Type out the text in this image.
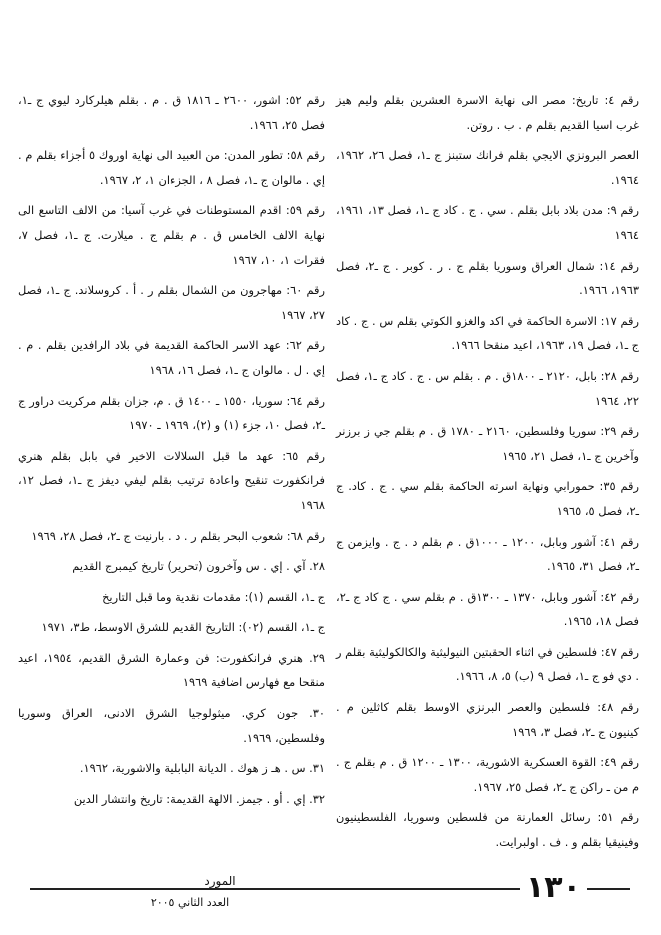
رقم ٤: تاريخ: مصر الى نهاية الاسرة العشرين بقلم وليم هيز غرب اسيا القديم بقلم م . ب . روتن.

العصر البرونزي الايجي بقلم فرانك ستبنز ج ـ١، فصل ٢٦، ١٩٦٢، ١٩٦٤.

رقم ٩: مدن بلاد بابل بقلم . سي . ج . كاد ج ـ١، فصل ١٣، ١٩٦١، ١٩٦٤

رقم ١٤: شمال العراق وسوريا بقلم ج . ر . كوبر . ج ـ٢، فصل ١٩٦٣، ١٩٦٦.

رقم ١٧: الاسرة الحاكمة في اكد والغزو الكوتي بقلم س . ج . كاد ج ـ١، فصل ١٩، ١٩٦٣، اعيد منقحا ١٩٦٦.

رقم ٢٨: بابل، ٢١٢٠ ـ ١٨٠٠ق . م . بقلم س . ج . كاد ج ـ١، فصل ٢٢، ١٩٦٤

رقم ٢٩: سوريا وفلسطين، ٢١٦٠ ـ ١٧٨٠ ق . م بقلم جي ز برزنر وآخرين ج ـ١، فصل ٢١، ١٩٦٥

رقم ٣٥: حمورابي ونهاية اسرته الحاكمة بقلم سي . ج . كاد. ج ـ٢، فصل ٥، ١٩٦٥

رقم ٤١: آشور وبابل، ١٢٠٠ ـ ١٠٠٠ق . م بقلم د . ج . وايزمن ج ـ٢، فصل ٣١، ١٩٦٥.

رقم ٤٢: آشور وبابل، ١٣٧٠ ـ ١٣٠٠ق . م بقلم سي . ج كاد ج ـ٢، فصل ١٨، ١٩٦٥.

رقم ٤٧: فلسطين في اثناء الحقبتين النيوليثية والكالكوليثية بقلم ر . دي فو ج ـ١، فصل ٩ (ب) ٥، ٨، ١٩٦٦.

رقم ٤٨: فلسطين والعصر البرنزي الاوسط بقلم كاثلين م . كينيون ج ـ٢، فصل ٣، ١٩٦٩

رقم ٤٩: القوة العسكرية الاشورية، ١٣٠٠ ـ ١٢٠٠ ق . م بقلم ج . م من ـ راكن ج ـ٢، فصل ٢٥، ١٩٦٧.

رقم ٥١: رسائل العمارنة من فلسطين وسوريا، الفلسطينيون وفينيقيا بقلم و . ف . اولبرايت.

رقم ٥٢: اشور، ٢٦٠٠ ـ ١٨١٦ ق . م . بقلم هيلركارد ليوي ج ـ١، فصل ٢٥، ١٩٦٦.

رقم ٥٨: تطور المدن: من العبيد الى نهاية اوروك ٥ أجزاء بقلم م . إي . مالوان ج ـ١، فصل ٨ ، الجزءان ١، ٢، ١٩٦٧.

رقم ٥٩: اقدم المستوطنات في غرب آسيا: من الالف التاسع الى نهاية الالف الخامس ق . م بقلم ج . ميلارت. ج ـ١، فصل ٧، فقرات ١، ١٠، ١٩٦٧

رقم ٦٠: مهاجرون من الشمال بقلم ر . أ . كروسلاند. ج ـ١، فصل ٢٧، ١٩٦٧

رقم ٦٢: عهد الاسر الحاكمة القديمة في بلاد الرافدين بقلم . م . إي . ل . مالوان ج ـ١، فصل ١٦، ١٩٦٨

رقم ٦٤: سوريا، ١٥٥٠ ـ ١٤٠٠ ق . م، جزان بقلم مركريت دراور ج ـ٢، فصل ١٠، جزء (١) و (٢)، ١٩٦٩ ـ ١٩٧٠

رقم ٦٥: عهد ما قبل السلالات الاخير في بابل بقلم هنري فرانكفورت تنقيح واعادة ترتيب بقلم ليفي ديفز ج ـ١، فصل ١٢، ١٩٦٨

رقم ٦٨: شعوب البحر بقلم ر . د . بارنيت ج ـ٢، فصل ٢٨، ١٩٦٩

٢٨. آي . إي . س وآخرون (تحرير) تاريخ كيمبرج القديم

ج ـ١، القسم (١): مقدمات نقدية وما قبل التاريخ

ج ـ١، القسم (٠٢): التاريخ القديم للشرق الاوسط، ط٣، ١٩٧١

٢٩. هنري فرانكفورت: فن وعمارة الشرق القديم، ١٩٥٤، اعيد منقحا مع فهارس اضافية ١٩٦٩

٣٠. جون كري. ميثولوجيا الشرق الادنى، العراق وسوريا وفلسطين، ١٩٦٩.

٣١. س . هـ ز هوك . الديانة البابلية والاشورية، ١٩٦٢.

٣٢. إي . أو . جيمز. الالهة القديمة: تاريخ وانتشار الدين

المورد
العدد الثاني ٢٠٠٥	١٣٠
